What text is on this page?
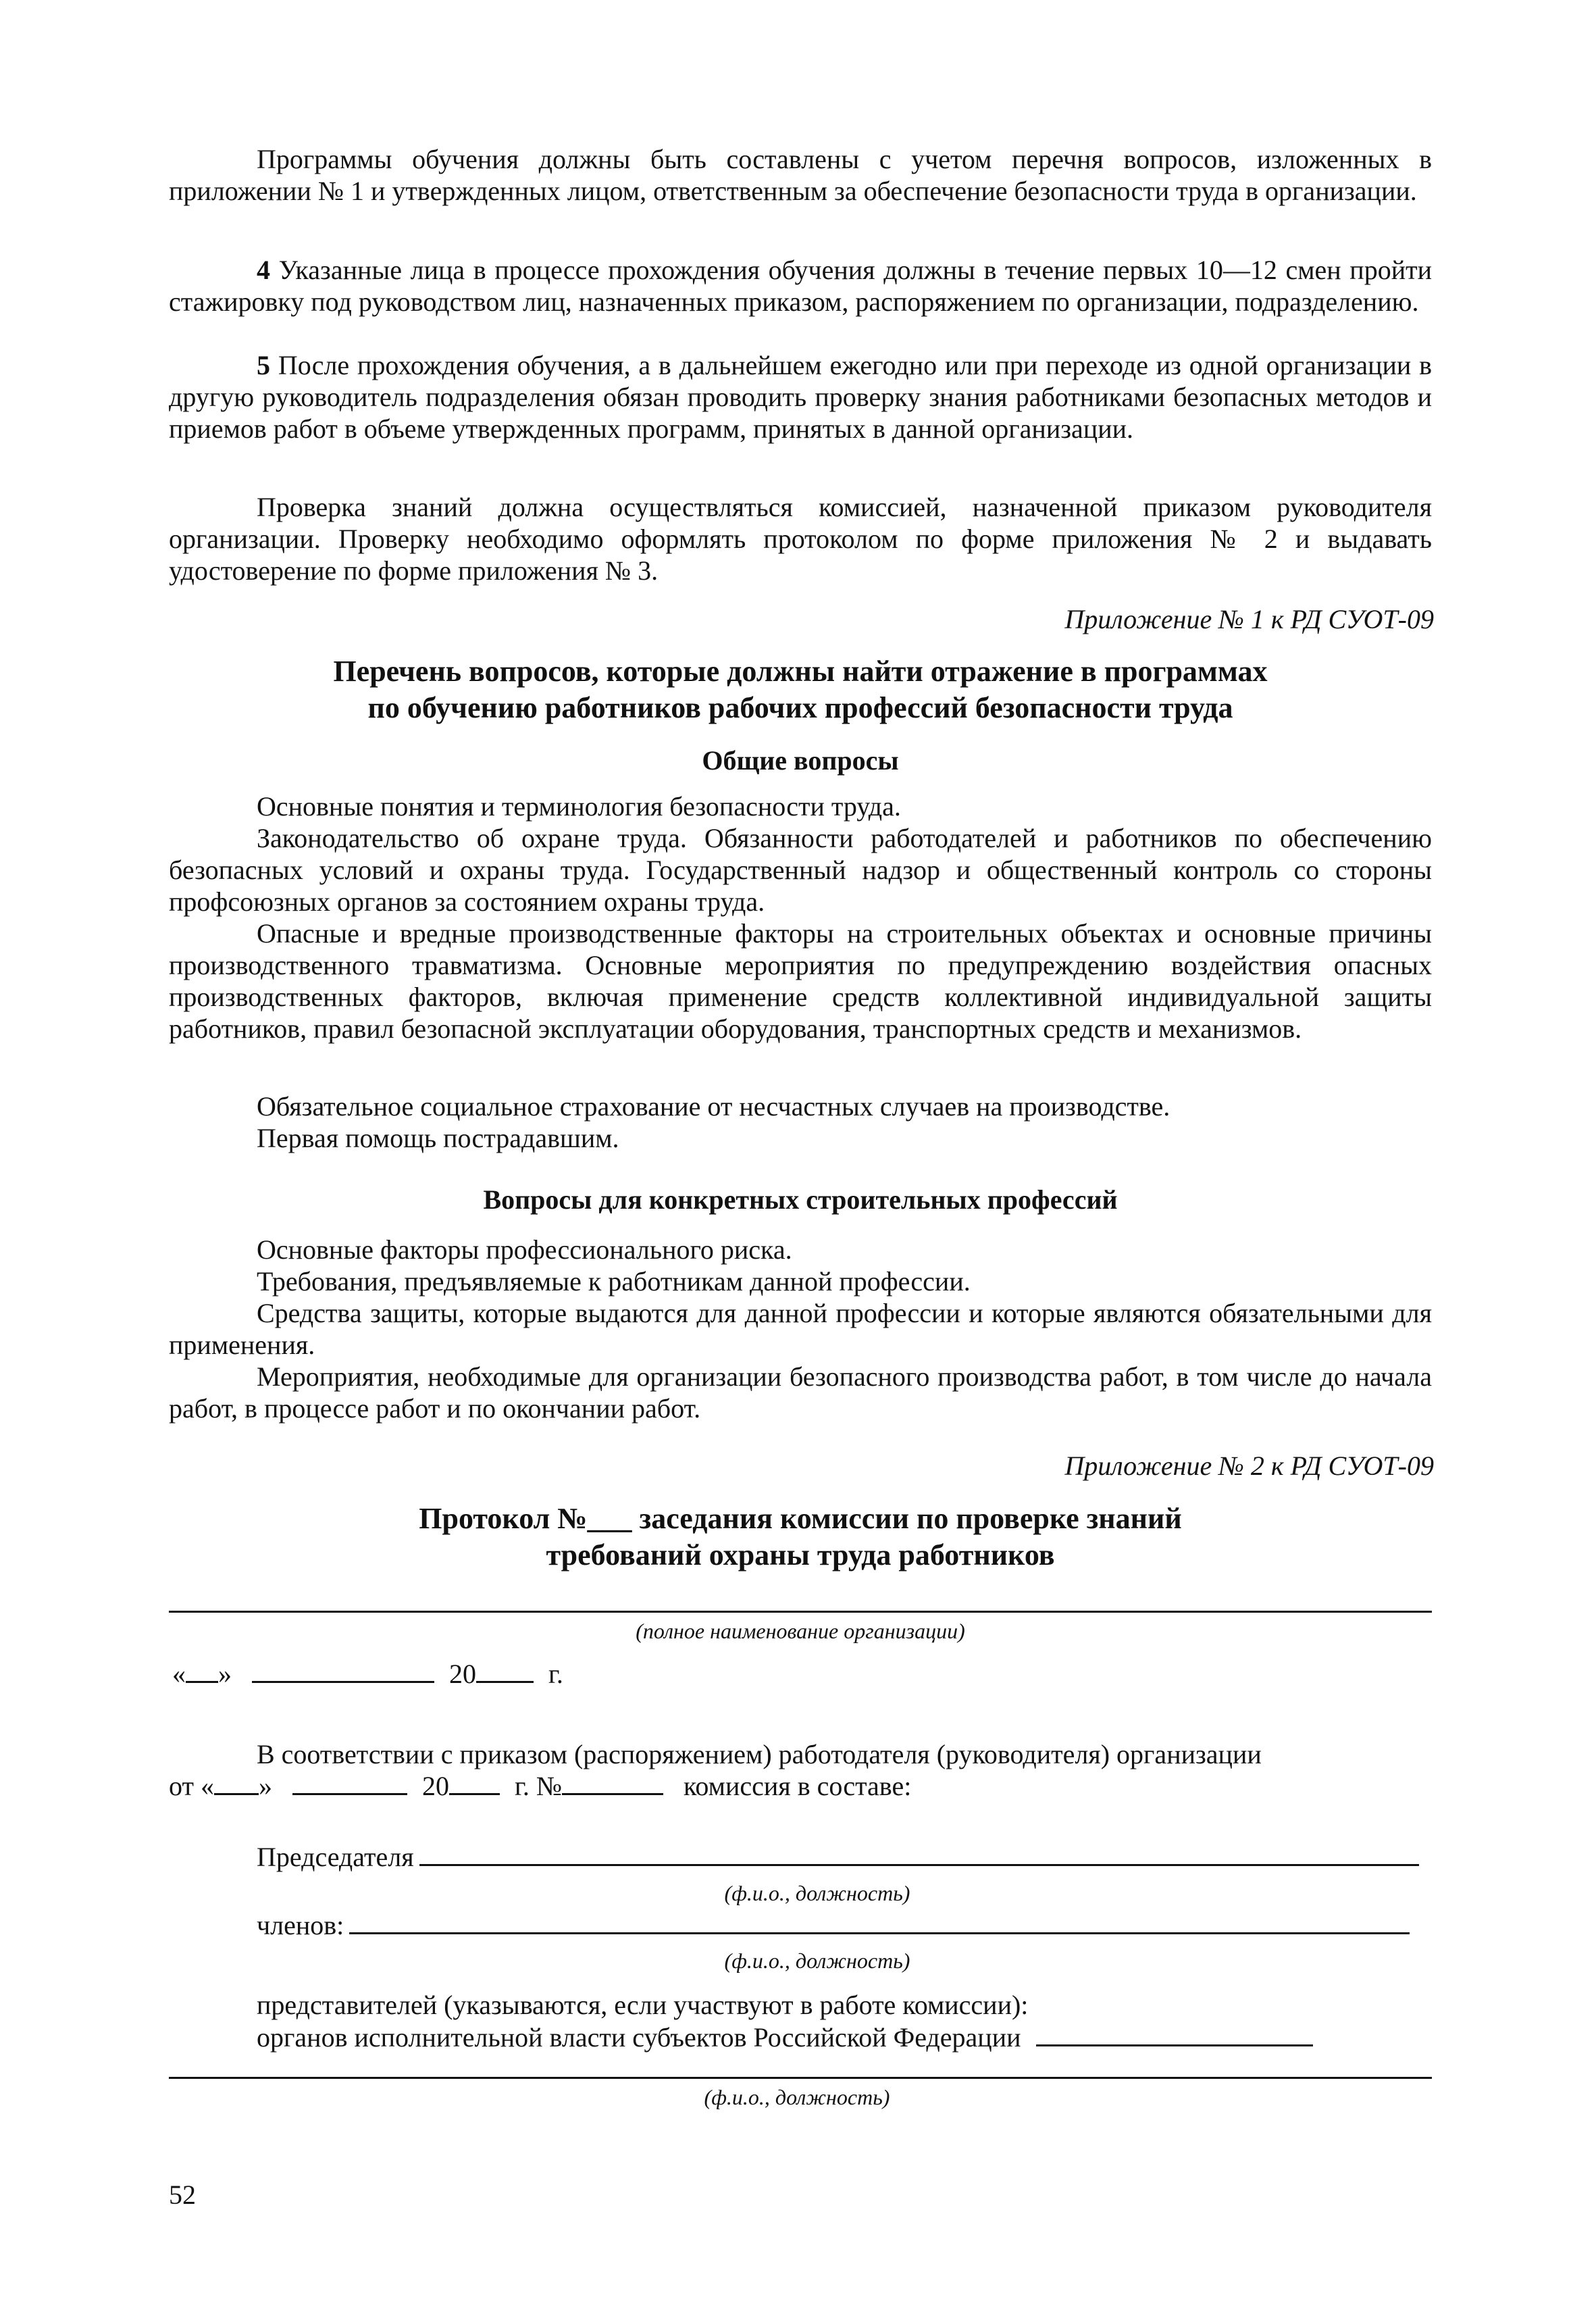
Программы обучения должны быть составлены с учетом перечня вопросов, изложенных в приложении № 1 и утвержденных лицом, ответственным за обеспечение безопасности труда в организации.

4 Указанные лица в процессе прохождения обучения должны в течение первых 10—12 смен пройти стажировку под руководством лиц, назначенных приказом, распоряжением по организации, подразделению.

5 После прохождения обучения, а в дальнейшем ежегодно или при переходе из одной организации в другую руководитель подразделения обязан проводить проверку знания работниками безопасных методов и приемов работ в объеме утвержденных программ, принятых в данной организации.

Проверка знаний должна осуществляться комиссией, назначенной приказом руководителя организации. Проверку необходимо оформлять протоколом по форме приложения № 2 и выдавать удостоверение по форме приложения № 3.

Приложение № 1 к РД СУОТ-09

Перечень вопросов, которые должны найти отражение в программах

по обучению работников рабочих профессий безопасности труда

Общие вопросы

Основные понятия и терминология безопасности труда.

Законодательство об охране труда. Обязанности работодателей и работников по обеспечению безопасных условий и охраны труда. Государственный надзор и общественный контроль со стороны профсоюзных органов за состоянием охраны труда.

Опасные и вредные производственные факторы на строительных объектах и основные причины производственного травматизма. Основные мероприятия по предупреждению воздействия опасных производственных факторов, включая применение средств коллективной индивидуальной защиты работников, правил безопасной эксплуатации оборудования, транспортных средств и механизмов.

Обязательное социальное страхование от несчастных случаев на производстве.

Первая помощь пострадавшим.

Вопросы для конкретных строительных профессий

Основные факторы профессионального риска.

Требования, предъявляемые к работникам данной профессии.

Средства защиты, которые выдаются для данной профессии и которые являются обязательными для применения.

Мероприятия, необходимые для организации безопасного производства работ, в том числе до начала работ, в процессе работ и по окончании работ.

Приложение № 2 к РД СУОТ-09

Протокол №___ заседания комиссии по проверке знаний

требований охраны труда работников

(полное наименование организации)

« »	20	г.

В соответствии с приказом (распоряжением) работодателя (руководителя) организации

от « »	20 г. №	комиссия в составе:
Председателя

(ф.и.о., должность)

членов:

(ф.и.о., должность)

представителей (указываются, если участвуют в работе комиссии):
органов исполнительной власти субъектов Российской Федерации

(ф.и.о., должность)

52
